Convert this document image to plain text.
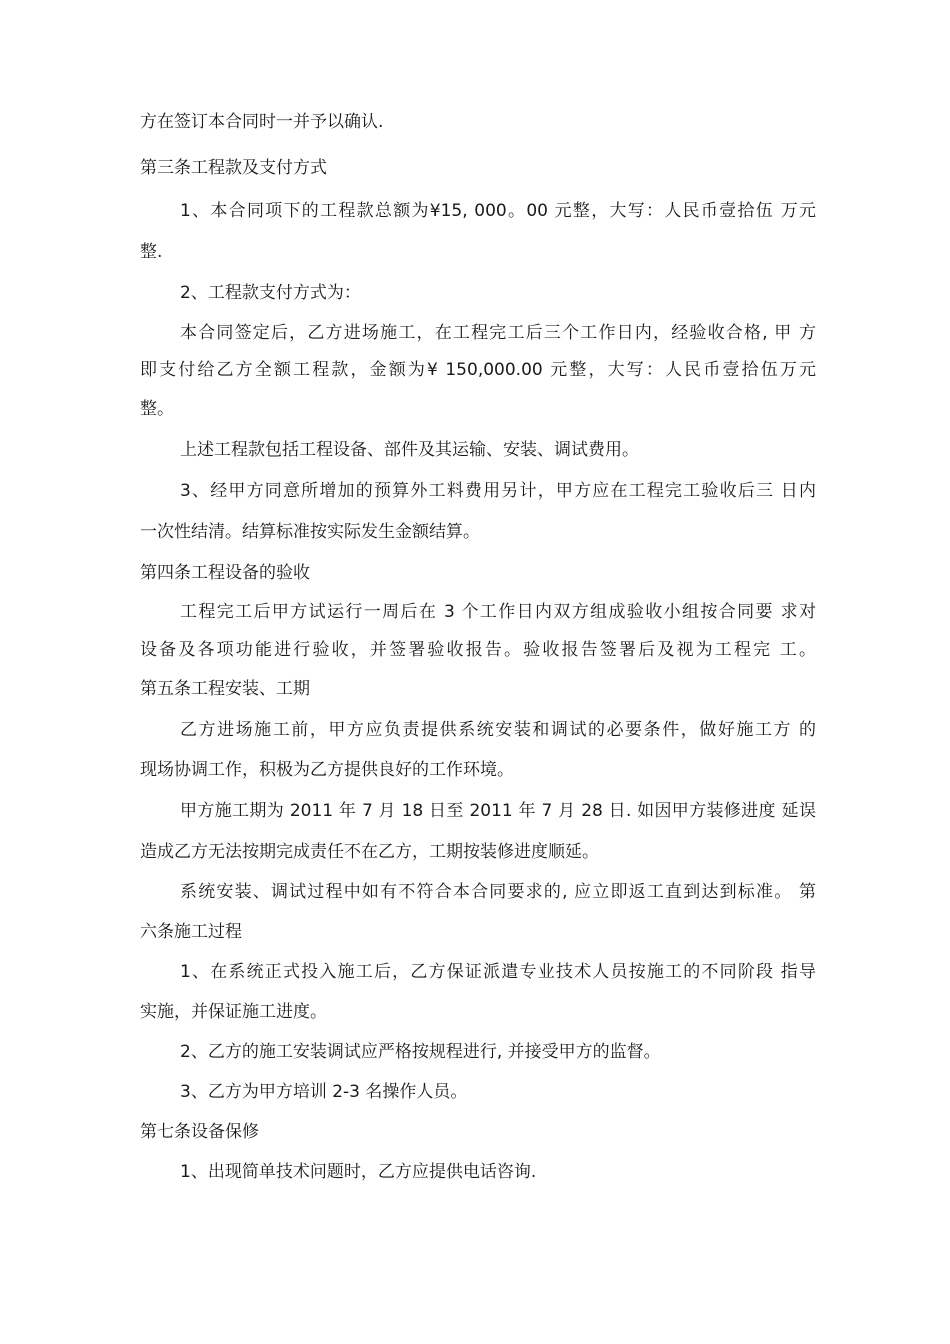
方在签订本合同时一并予以确认.
第三条工程款及支付方式
1、本合同项下的工程款总额为¥15, 000。00 元整，大写：人民币壹拾伍 万元
整.
2、工程款支付方式为：
本合同签定后，乙方进场施工，在工程完工后三个工作日内，经验收合格, 甲 方
即支付给乙方全额工程款，金额为¥ 150,000.00 元整，大写：人民币壹拾伍万元
整。
上述工程款包括工程设备、部件及其运输、安装、调试费用。
3、经甲方同意所增加的预算外工料费用另计，甲方应在工程完工验收后三 日内
一次性结清。结算标准按实际发生金额结算。
第四条工程设备的验收
工程完工后甲方试运行一周后在 3 个工作日内双方组成验收小组按合同要 求对
设备及各项功能进行验收，并签署验收报告。验收报告签署后及视为工程完 工。
第五条工程安装、工期
乙方进场施工前，甲方应负责提供系统安装和调试的必要条件，做好施工方 的
现场协调工作，积极为乙方提供良好的工作环境。
甲方施工期为 2011 年 7 月 18 日至 2011 年 7 月 28 日. 如因甲方装修进度 延误
造成乙方无法按期完成责任不在乙方，工期按装修进度顺延。
系统安装、调试过程中如有不符合本合同要求的, 应立即返工直到达到标准。 第
六条施工过程
1、在系统正式投入施工后，乙方保证派遣专业技术人员按施工的不同阶段 指导
实施，并保证施工进度。
2、乙方的施工安装调试应严格按规程进行, 并接受甲方的监督。
3、乙方为甲方培训 2-3 名操作人员。
第七条设备保修
1、出现简单技术问题时，乙方应提供电话咨询.
